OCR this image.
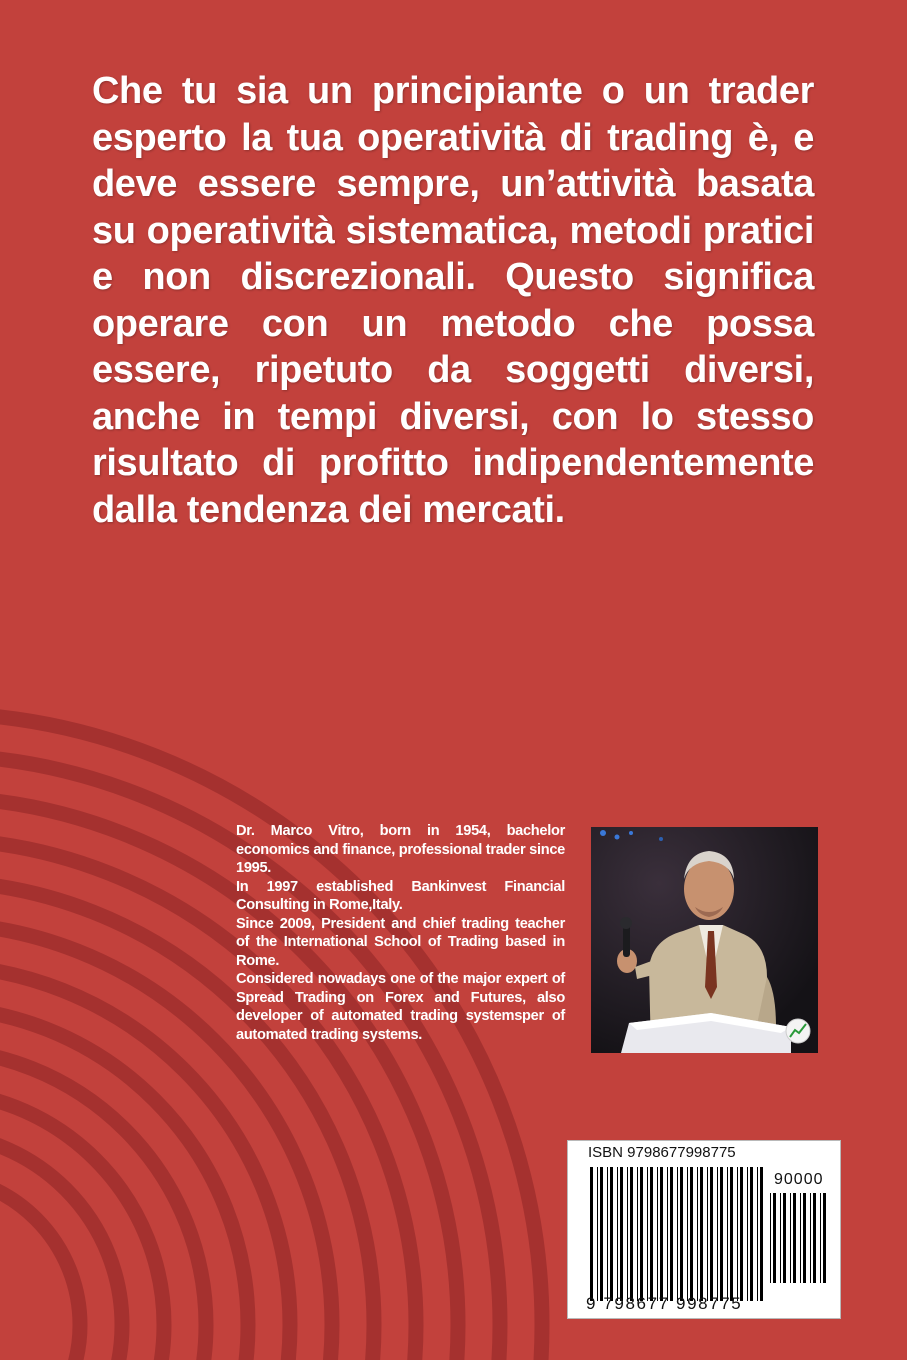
Che tu sia un principiante o un trader esperto la tua operatività di trading è, e deve essere sempre, un’attività basata su operatività sistematica, metodi pratici e non discrezionali. Questo significa operare con un metodo che possa essere, ripetuto da soggetti diversi, anche in tempi diversi, con lo stesso risultato di profitto indipendentemente dalla tendenza dei mercati.

Dr. Marco Vitro, born in 1954, bachelor economics and finance, professional trader since 1995.
In 1997 established Bankinvest Financial Consulting in Rome,Italy.
Since 2009, President and chief trading teacher of the International School of Trading based in Rome.
Considered nowadays one of the major expert of Spread Trading on Forex and Futures, also developer of automated trading systemsper of automated trading systems.
ISBN 9798677998775
90000
9 798677 998775
